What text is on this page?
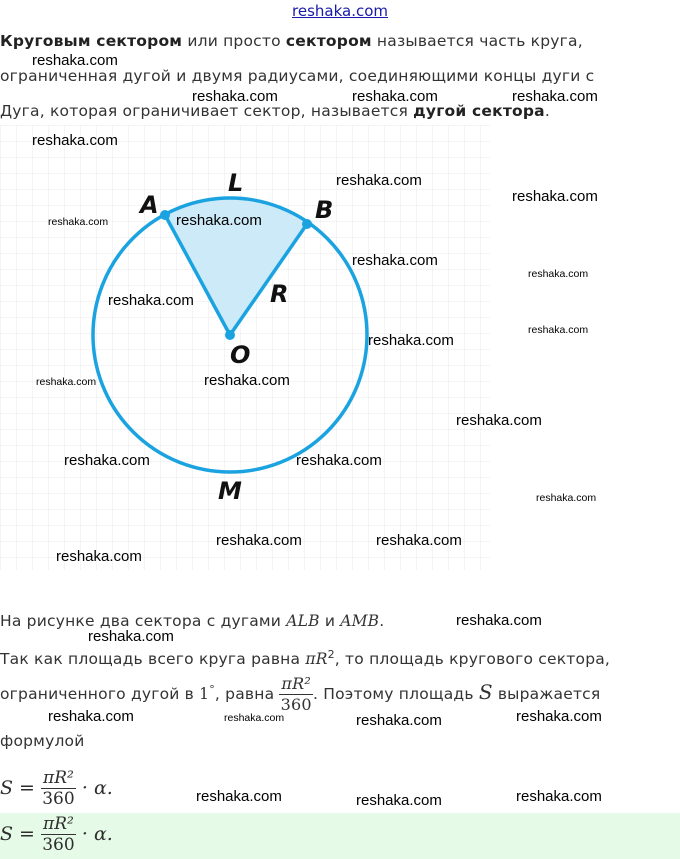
reshaka.com
Круговым сектором или просто сектором называется часть круга,
ограниченная дугой и двумя радиусами, соединяющими концы дуги с
Дуга, которая ограничивает сектор, называется дугой сектора.
L
A	B
R
O
M
На рисунке два сектора с дугами ALB и AMB.
Так как площадь всего круга равна $\pi R^2$, то площадь кругового сектора,
ограниченного дугой в 1°, равна $\frac{\text{πR²}}{360}$ . Поэтому площадь S выражается
формулой
$S = \frac{\text{πR²}}{360} \cdot \alpha$.
$S = \frac{\text{πR²}}{360} \cdot \alpha$.
reshaka.com
reshaka.com	reshaka.com	reshaka.com
reshaka.com
reshaka.com
reshaka.com
reshaka.com
reshaka.com
reshaka.com
reshaka.com
reshaka.com
reshaka.com
reshaka.com
reshaka.com
reshaka.com
reshaka.com
reshaka.com	reshaka.com
reshaka.com
reshaka.com	reshaka.com
reshaka.com
reshaka.com
reshaka.com
reshaka.com	reshaka.com	reshaka.com	reshaka.com
reshaka.com	reshaka.com	reshaka.com
